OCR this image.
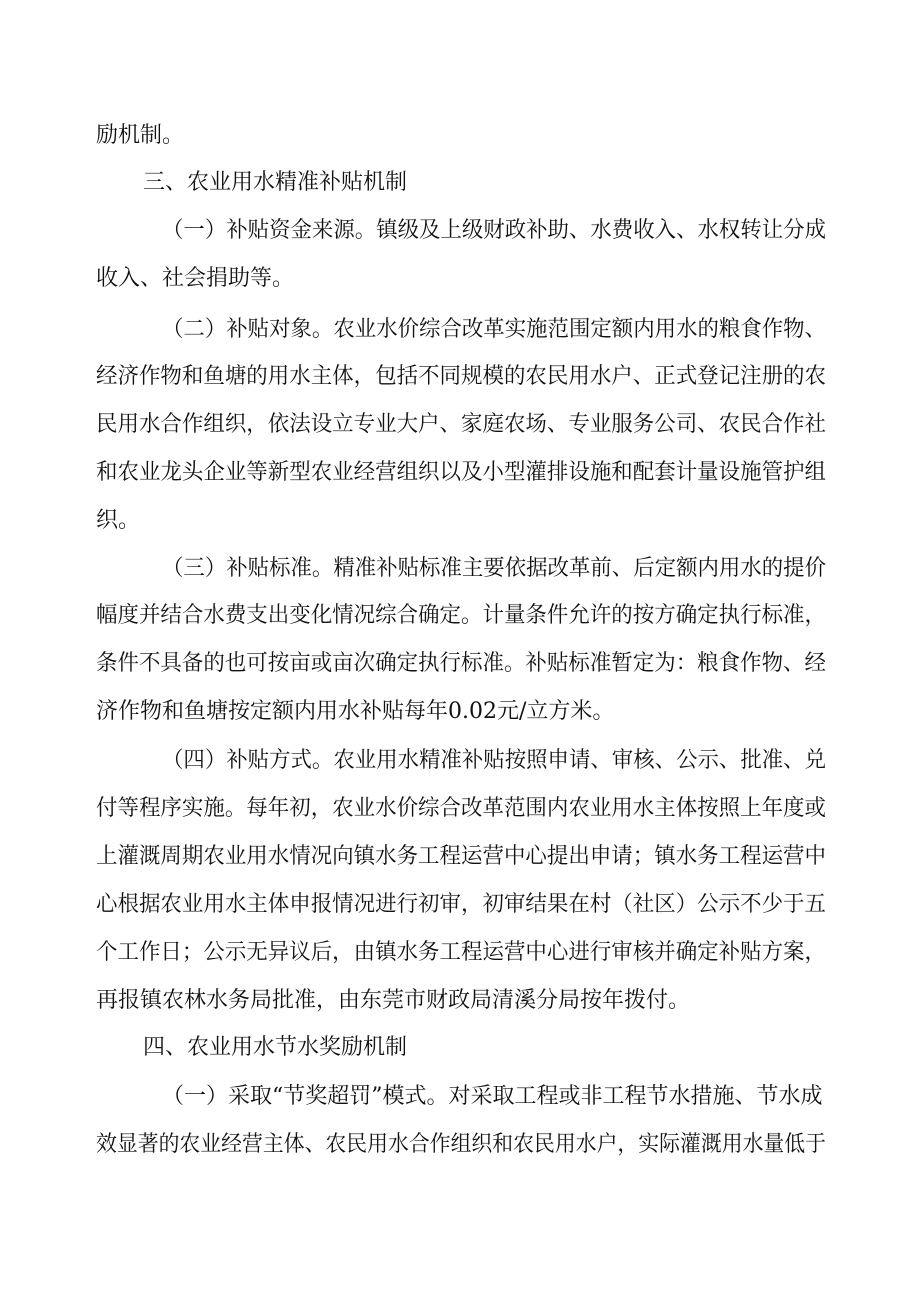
励机制。
三、农业用水精准补贴机制
（一）补贴资金来源。镇级及上级财政补助、水费收入、水权转让分成
收入、社会捐助等。
（二）补贴对象。农业水价综合改革实施范围定额内用水的粮食作物、
经济作物和鱼塘的用水主体，包括不同规模的农民用水户、正式登记注册的农
民用水合作组织，依法设立专业大户、家庭农场、专业服务公司、农民合作社
和农业龙头企业等新型农业经营组织以及小型灌排设施和配套计量设施管护组
织。
（三）补贴标准。精准补贴标准主要依据改革前、后定额内用水的提价
幅度并结合水费支出变化情况综合确定。计量条件允许的按方确定执行标准，
条件不具备的也可按亩或亩次确定执行标准。补贴标准暂定为：粮食作物、经
济作物和鱼塘按定额内用水补贴每年0.02元/立方米。
（四）补贴方式。农业用水精准补贴按照申请、审核、公示、批准、兑
付等程序实施。每年初，农业水价综合改革范围内农业用水主体按照上年度或
上灌溉周期农业用水情况向镇水务工程运营中心提出申请；镇水务工程运营中
心根据农业用水主体申报情况进行初审，初审结果在村（社区）公示不少于五
个工作日；公示无异议后，由镇水务工程运营中心进行审核并确定补贴方案，
再报镇农林水务局批准，由东莞市财政局清溪分局按年拨付。
四、农业用水节水奖励机制
（一）采取“节奖超罚”模式。对采取工程或非工程节水措施、节水成
效显著的农业经营主体、农民用水合作组织和农民用水户，实际灌溉用水量低于
